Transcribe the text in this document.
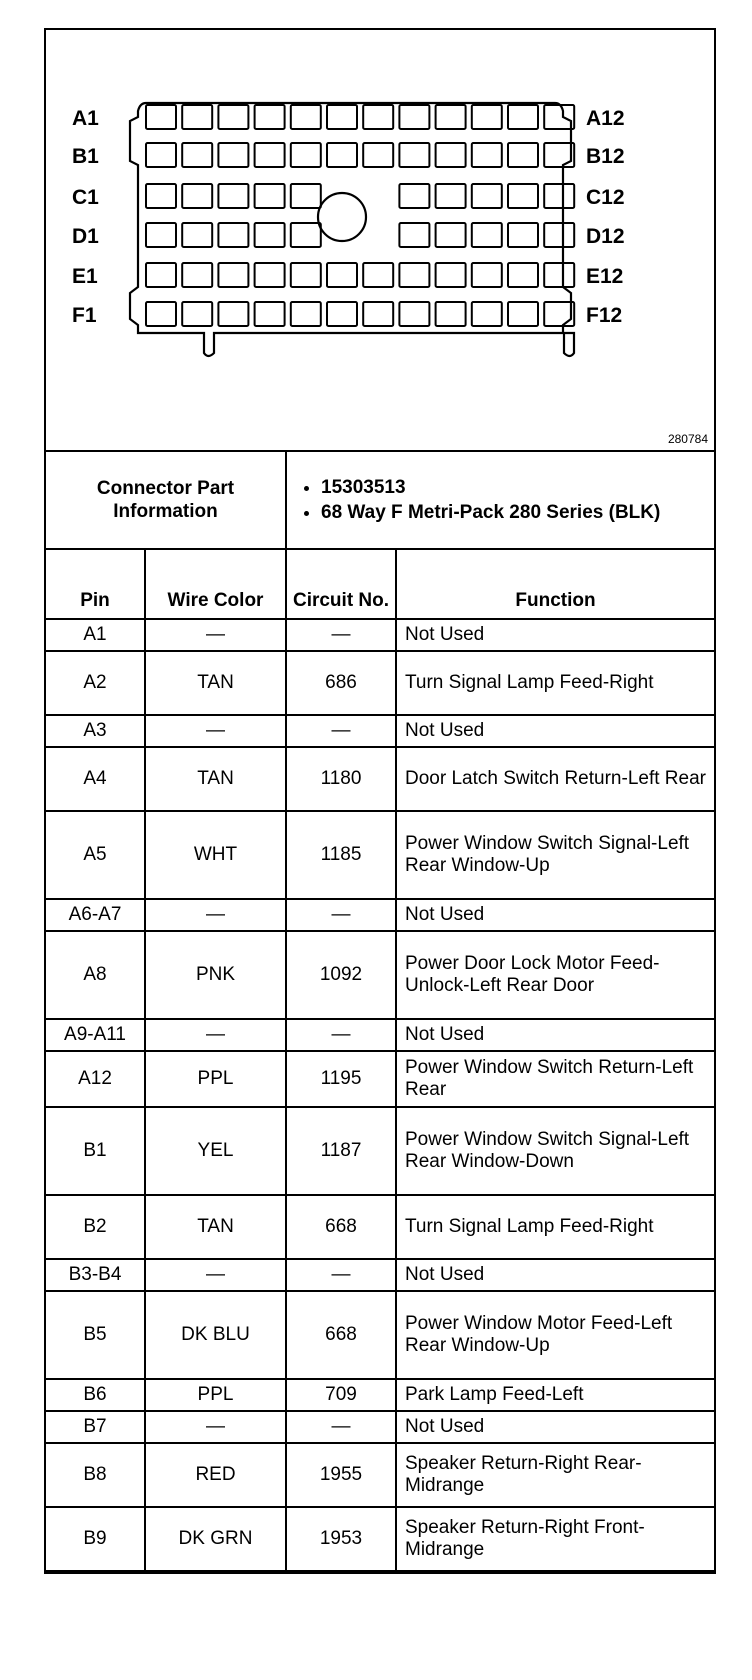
A1	A12
B1	B12
C1	C12
D1	D12
E1	E12
F1	F12
280784
Connector Part Information	
• 15303513
• 68 Way F Metri-Pack 280 Series (BLK)
Pin	Wire Color	Circuit No.	Function
A1	—	—	Not Used
A2	TAN	686	Turn Signal Lamp Feed-Right
A3	—	—	Not Used
A4	TAN	1180	Door Latch Switch Return-Left Rear
A5	WHT	1185	Power Window Switch Signal-Left Rear Window-Up
A6-A7	—	—	Not Used
A8	PNK	1092	Power Door Lock Motor Feed-Unlock-Left Rear Door
A9-A11	—	—	Not Used
A12	PPL	1195	Power Window Switch Return-Left Rear
B1	YEL	1187	Power Window Switch Signal-Left Rear Window-Down
B2	TAN	668	Turn Signal Lamp Feed-Right
B3-B4	—	—	Not Used
B5	DK BLU	668	Power Window Motor Feed-Left Rear Window-Up
B6	PPL	709	Park Lamp Feed-Left
B7	—	—	Not Used
B8	RED	1955	Speaker Return-Right Rear-Midrange
B9	DK GRN	1953	Speaker Return-Right Front-Midrange
